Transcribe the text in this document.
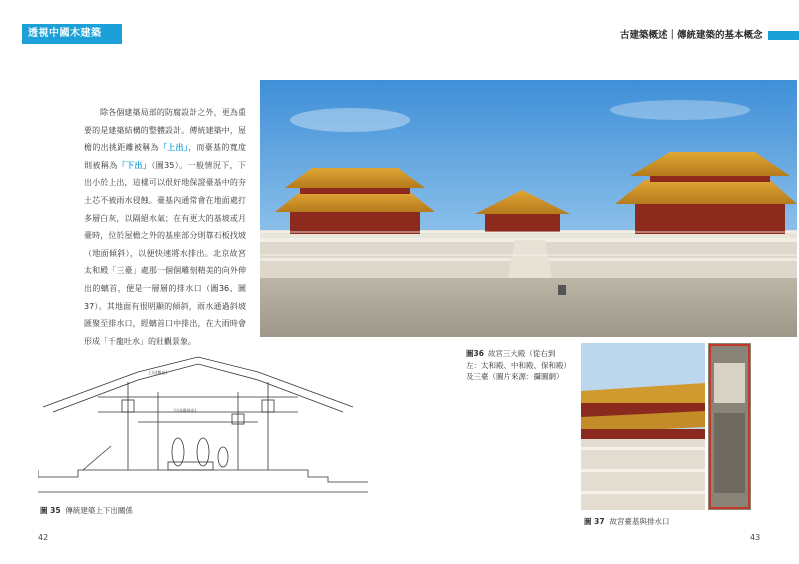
透視中國木建築	古建築概述｜傳統建築的基本概念

除各個建築局部的防腐設計之外，更為重要的是建築結構的整體設計。傳統建築中，屋檐的出挑距離被稱為「上出」，而臺基的寬度則被稱為「下出」（圖35）。一般情況下，下出小於上出，這樣可以很好地保證臺基中的夯土芯不被雨水侵蝕。臺基內通常會在地面處打多層白灰，以隔絕水氣；在有更大的基坡或月臺時，位於屋檐之外的基座部分則靠石板找坡（地面傾斜），以便快速將水排出。北京故宮太和殿「三臺」處那一個個雕刻精美的向外伸出的螭首，便是一層層的排水口（圖36、圖37）。其地面有很明顯的傾斜，雨水通過斜坡匯聚至排水口，經螭首口中排出，在大雨時會形成「千龍吐水」的壯觀景象。

圖36 故宮三大殿（從右到左：太和殿、中和殿、保和殿）及三臺（圖片來源：攝圖網）
圖 37 故宮臺基與排水口
上出(檐出)
下出(臺基出)
圖 35 傳統建築上下出關係
42	43
